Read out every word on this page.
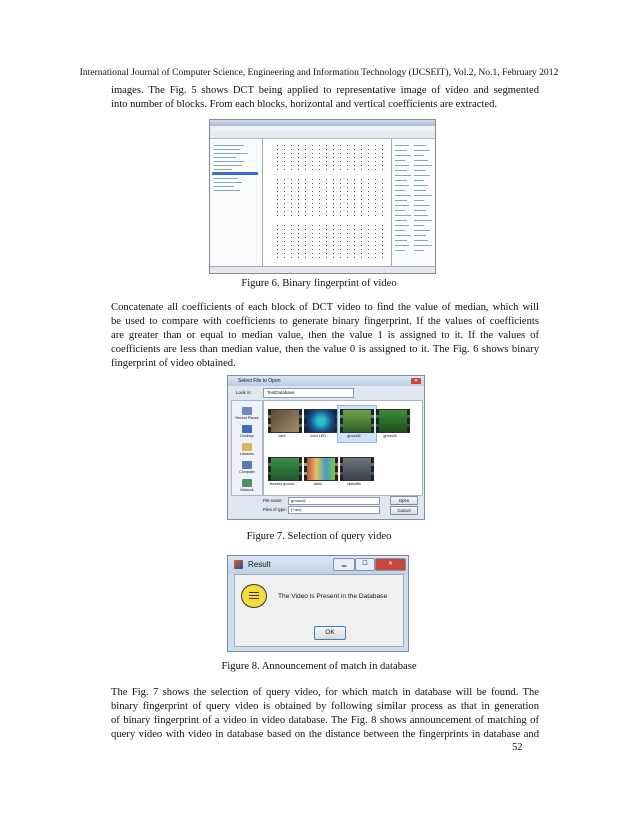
International Journal of Computer Science, Engineering and Information Technology (IJCSEIT), Vol.2, No.1, February 2012
images. The Fig. 5 shows DCT being applied to representative image of video and segmented
into number of blocks. From each blocks, horizontal and vertical coefficients are extracted.
Figure 6. Binary fingerprint of video
Concatenate all coefficients of each block of DCT video to find the value of median, which will
be used to compare with coefficients to generate binary fingerprint. If the values of coefficients
are greater than or equal to median value, then the value 1 is assigned to it. If the values of
coefficients are less than median value, then the value 0 is assigned to it. The Fig. 6 shows binary
fingerprint of video obtained.
Select File to Open	✕
Look in:	TestDatabase
Recent Places
Desktop
Libraries
Computer
Network
car5	color LED	ground2	ground3
floorkey ground	video	vipitraffic
File name:	ground2
Files of type:	(*.avi)
Open
Cancel
Figure 7. Selection of query video
Result	▁	☐	✕
The Video is Present in the Database
OK
Figure 8. Announcement of match in database
The Fig. 7 shows the selection of query video, for which match in database will be found. The
binary fingerprint of query video is obtained by following similar process as that in generation
of binary fingerprint of a video in video database. The Fig. 8 shows announcement of matching of
query video with video in database based on the distance between the fingerprints in database and
52
